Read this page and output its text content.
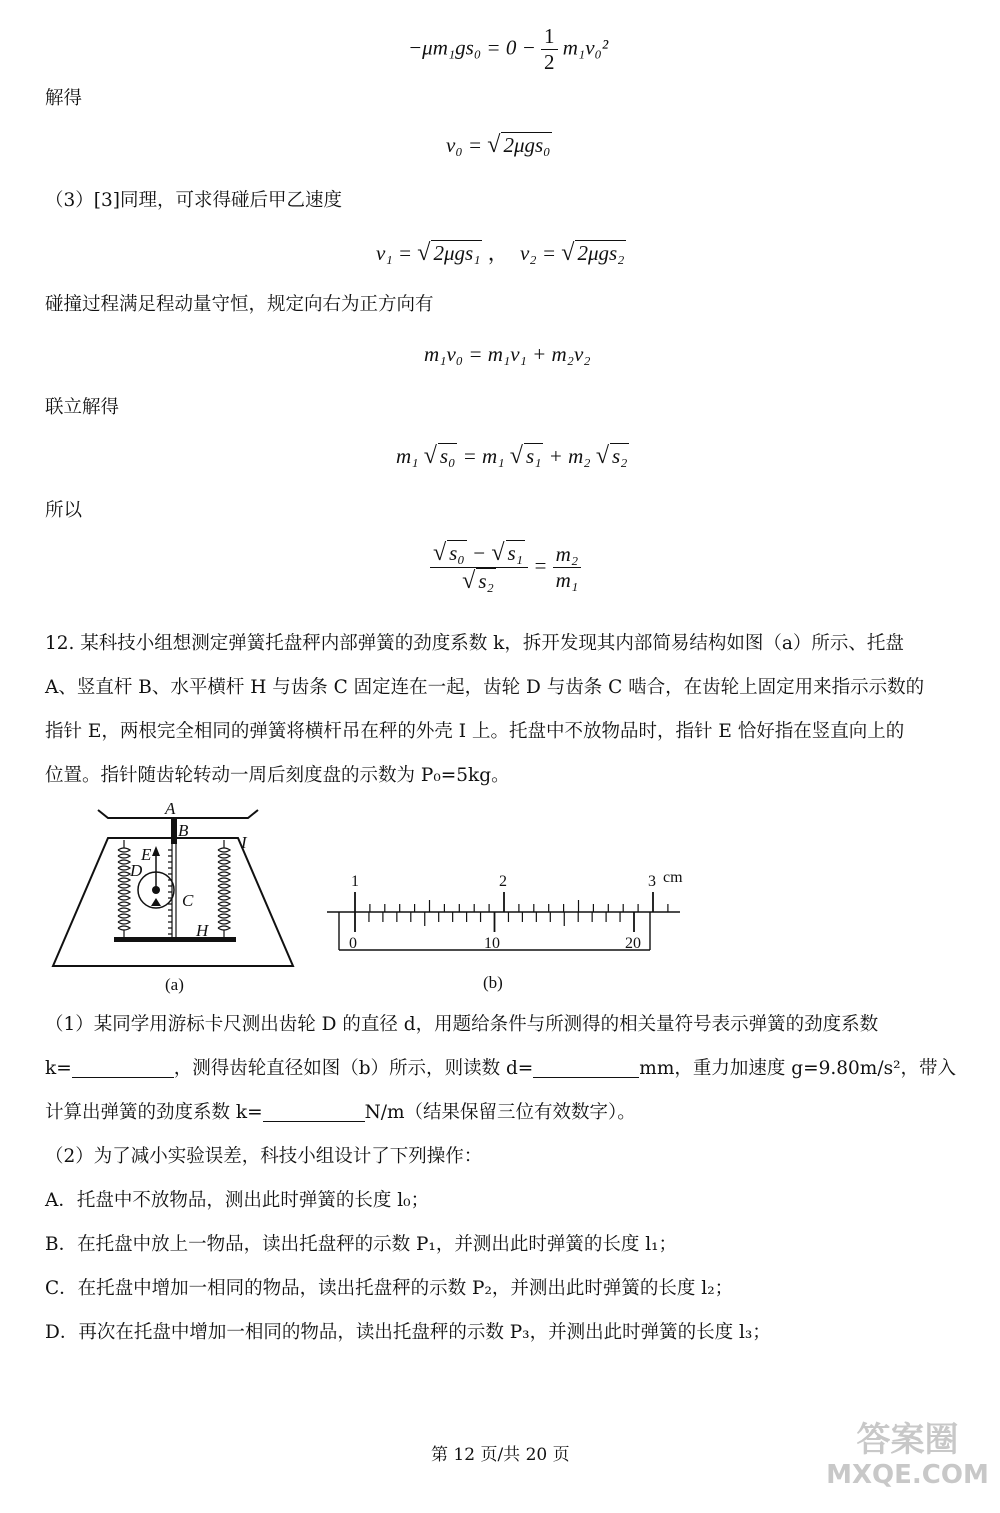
$-\mu m_1gs_0 = 0 - \frac{1}{2} m_1v_0^2$
解得
v₀ = √ 2μgs₀
（3）[3]同理，可求得碰后甲乙速度
v₁ = √ 2μgs₁ ， v₂ = √ 2μgs₂
碰撞过程满足程动量守恒，规定向右为正方向有
m₁v₀ = m₁v₁ + m₂v₂
联立解得
m₁ √ s₀ = m₁ √ s₁ + m₂ √ s₂
所以
$\frac{\text{√ s₀ − √ s₁}}{\text{√ s₂}} = \frac{\text{m₂}}{\text{m₁}}$
12. 某科技小组想测定弹簧托盘秤内部弹簧的劲度系数 k，拆开发现其内部简易结构如图（a）所示、托盘
A、竖直杆 B、水平横杆 H 与齿条 C 固定连在一起，齿轮 D 与齿条 C 啮合，在齿轮上固定用来指示示数的
指针 E，两根完全相同的弹簧将横杆吊在秤的外壳 I 上。托盘中不放物品时，指针 E 恰好指在竖直向上的
位置。指针随齿轮转动一周后刻度盘的示数为 P₀=5kg。
A
B
E
D
C
H
I
(a)
1	2	3 cm
0	10	20
(b)
（1）某同学用游标卡尺测出齿轮 D 的直径 d，用题给条件与所测得的相关量符号表示弹簧的劲度系数
k=	，测得齿轮直径如图（b）所示，则读数 d=	mm，重力加速度 g=9.80m/s²，带入
计算出弹簧的劲度系数 k=	N/m（结果保留三位有效数字）。
（2）为了减小实验误差，科技小组设计了下列操作：
A．托盘中不放物品，测出此时弹簧的长度 l₀；
B．在托盘中放上一物品，读出托盘秤的示数 P₁，并测出此时弹簧的长度 l₁；
C．在托盘中增加一相同的物品，读出托盘秤的示数 P₂，并测出此时弹簧的长度 l₂；
D．再次在托盘中增加一相同的物品，读出托盘秤的示数 P₃，并测出此时弹簧的长度 l₃；
第 12 页/共 20 页	答案圈
MXQE.COM
